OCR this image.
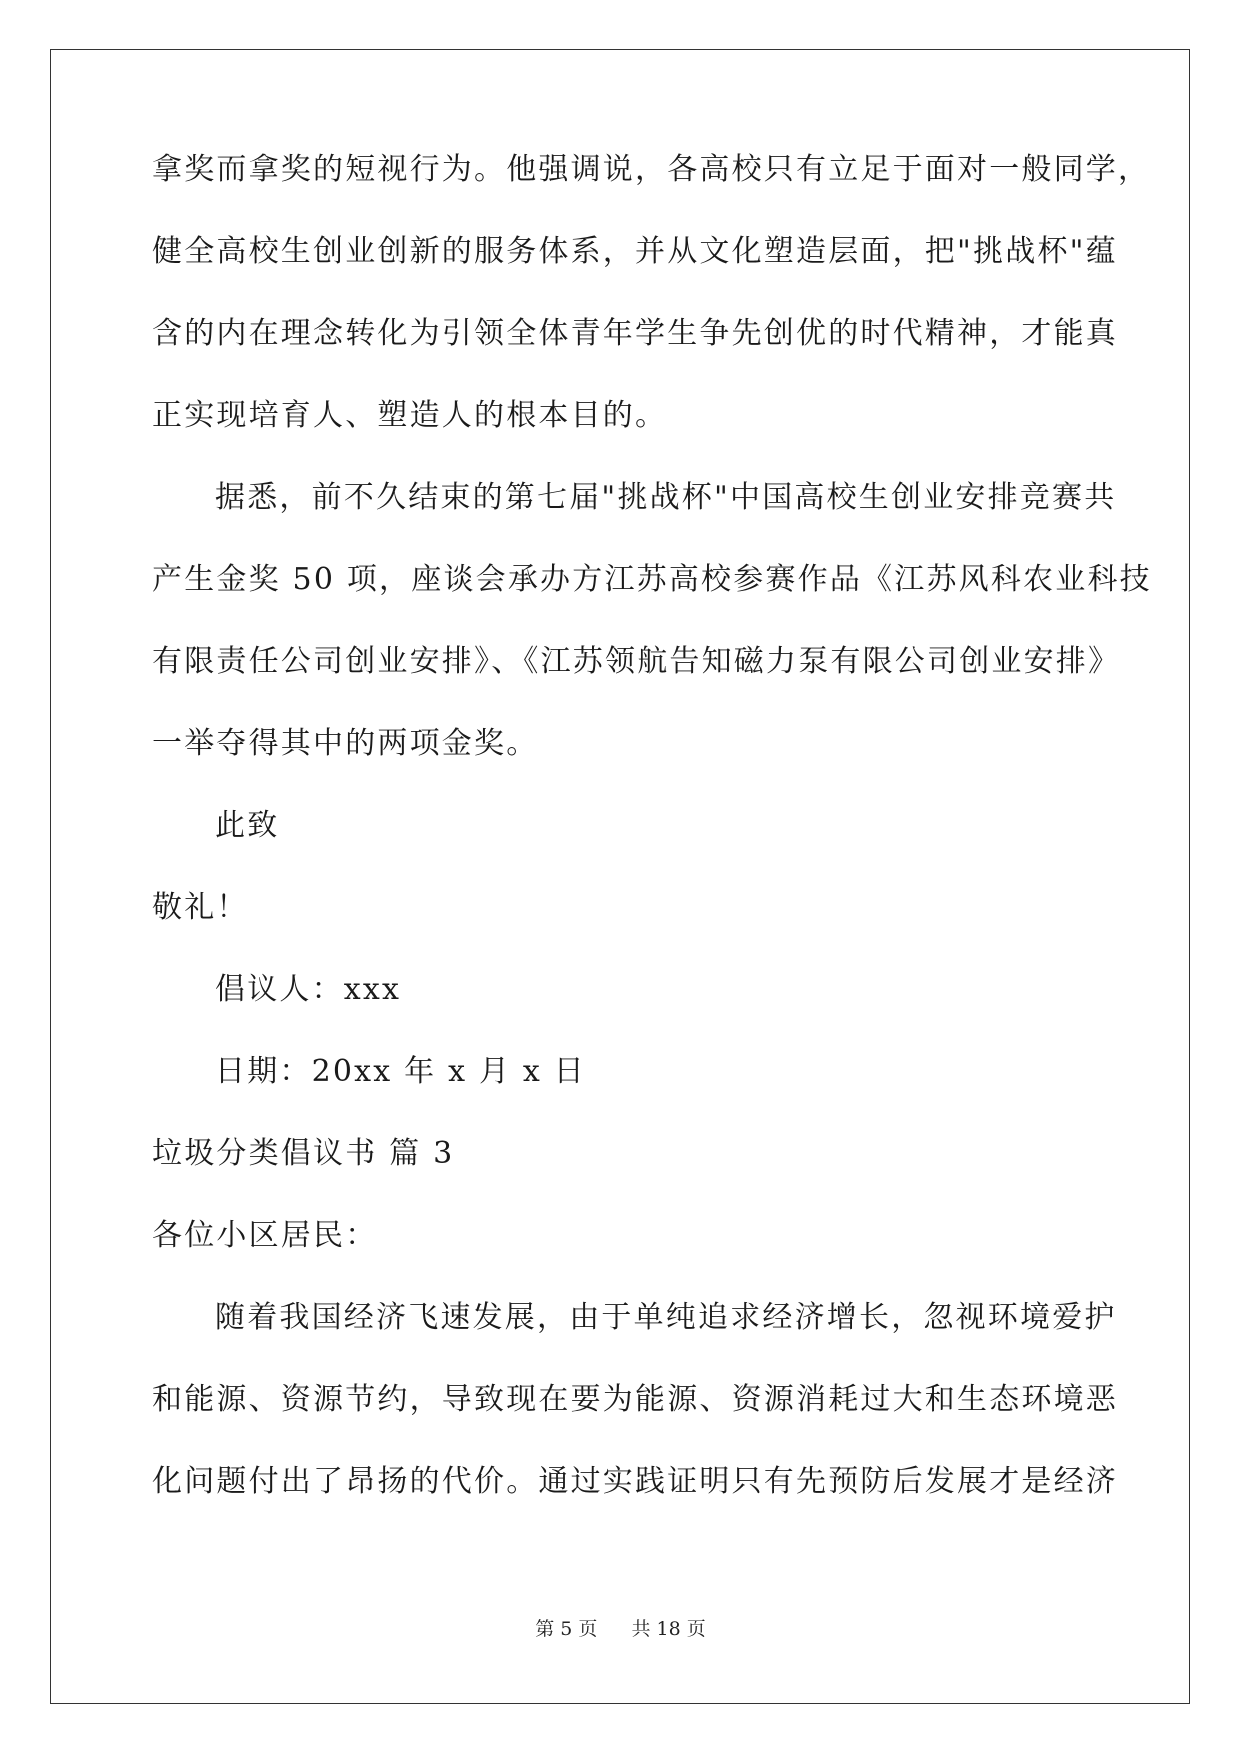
拿奖而拿奖的短视行为。他强调说，各高校只有立足于面对一般同学，
健全高校生创业创新的服务体系，并从文化塑造层面，把"挑战杯"蕴
含的内在理念转化为引领全体青年学生争先创优的时代精神，才能真
正实现培育人、塑造人的根本目的。
据悉，前不久结束的第七届"挑战杯"中国高校生创业安排竞赛共
产生金奖 50 项，座谈会承办方江苏高校参赛作品《江苏风科农业科技
有限责任公司创业安排》、《江苏领航告知磁力泵有限公司创业安排》
一举夺得其中的两项金奖。
此致
敬礼！
倡议人：xxx
日期：20xx 年 x 月 x 日
垃圾分类倡议书 篇 3
各位小区居民：
随着我国经济飞速发展，由于单纯追求经济增长，忽视环境爱护
和能源、资源节约，导致现在要为能源、资源消耗过大和生态环境恶
化问题付出了昂扬的代价。通过实践证明只有先预防后发展才是经济
第 5 页 共 18 页
